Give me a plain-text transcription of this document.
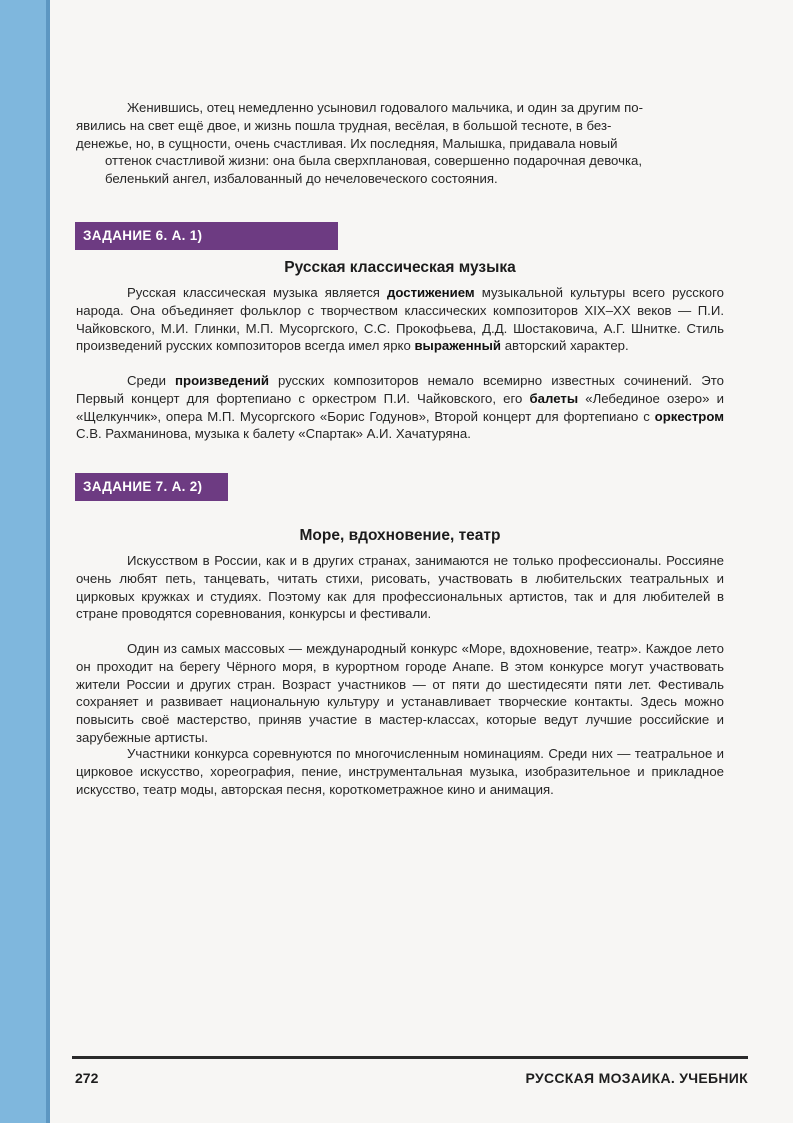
Женившись, отец немедленно усыновил годовалого мальчика, и один за другим по-
явились на свет ещё двое, и жизнь пошла трудная, весёлая, в большой тесноте, в без-
денежье, но, в сущности, очень счастливая. Их последняя, Малышка, придавала новый
оттенок счастливой жизни: она была сверхплановая, совершенно подарочная девочка,
беленький ангел, избалованный до нечеловеческого состояния.
ЗАДАНИЕ 6. А. 1)
Русская классическая музыка

Русская классическая музыка является достижением музыкальной культуры всего русского народа. Она объединяет фольклор с творчеством классических композиторов XIX–XX веков — П.И. Чайковского, М.И. Глинки, М.П. Мусоргского, С.С. Прокофьева, Д.Д. Шостаковича, А.Г. Шнитке. Стиль произведений русских композиторов всегда имел ярко выраженный авторский характер.

Среди произведений русских композиторов немало всемирно известных сочинений. Это Первый концерт для фортепиано с оркестром П.И. Чайковского, его балеты «Лебединое озеро» и «Щелкунчик», опера М.П. Мусоргского «Борис Годунов», Второй концерт для фортепиано с оркестром С.В. Рахманинова, музыка к балету «Спартак» А.И. Хачатуряна.

ЗАДАНИЕ 7. А. 2)
Море, вдохновение, театр

Искусством в России, как и в других странах, занимаются не только профессионалы. Россияне очень любят петь, танцевать, читать стихи, рисовать, участвовать в любительских театральных и цирковых кружках и студиях. Поэтому как для профессиональных артистов, так и для любителей в стране проводятся соревнования, конкурсы и фестивали.

Один из самых массовых — международный конкурс «Море, вдохновение, театр». Каждое лето он проходит на берегу Чёрного моря, в курортном городе Анапе. В этом конкурсе могут участвовать жители России и других стран. Возраст участников — от пяти до шестидесяти пяти лет. Фестиваль сохраняет и развивает национальную культуру и устанавливает творческие контакты. Здесь можно повысить своё мастерство, приняв участие в мастер-классах, которые ведут лучшие российские и зарубежные артисты.

Участники конкурса соревнуются по многочисленным номинациям. Среди них — театральное и цирковое искусство, хореография, пение, инструментальная музыка, изобразительное и прикладное искусство, театр моды, авторская песня, короткометражное кино и анимация.

272	РУССКАЯ МОЗАИКА. УЧЕБНИК
